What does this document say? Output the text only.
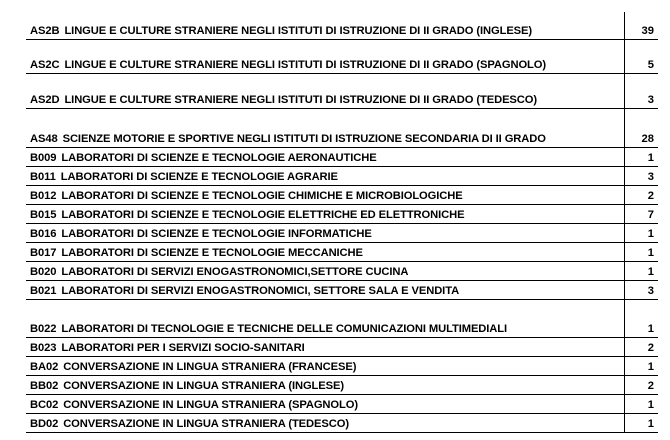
AS2B LINGUE E CULTURE STRANIERE NEGLI ISTITUTI DI ISTRUZIONE DI II GRADO (INGLESE)	39
AS2C LINGUE E CULTURE STRANIERE NEGLI ISTITUTI DI ISTRUZIONE DI II GRADO (SPAGNOLO)	5
AS2D LINGUE E CULTURE STRANIERE NEGLI ISTITUTI DI ISTRUZIONE DI II GRADO (TEDESCO)	3
AS48 SCIENZE MOTORIE E SPORTIVE NEGLI ISTITUTI DI ISTRUZIONE SECONDARIA DI II GRADO	28
B009 LABORATORI DI SCIENZE E TECNOLOGIE AERONAUTICHE	1
B011 LABORATORI DI SCIENZE E TECNOLOGIE AGRARIE	3
B012 LABORATORI DI SCIENZE E TECNOLOGIE CHIMICHE E MICROBIOLOGICHE	2
B015 LABORATORI DI SCIENZE E TECNOLOGIE ELETTRICHE ED ELETTRONICHE	7
B016 LABORATORI DI SCIENZE E TECNOLOGIE INFORMATICHE	1
B017 LABORATORI DI SCIENZE E TECNOLOGIE MECCANICHE	1
B020 LABORATORI DI SERVIZI ENOGASTRONOMICI,SETTORE CUCINA	1
B021 LABORATORI DI SERVIZI ENOGASTRONOMICI, SETTORE SALA E VENDITA	3
B022 LABORATORI DI TECNOLOGIE E TECNICHE DELLE COMUNICAZIONI MULTIMEDIALI	1
B023 LABORATORI PER I SERVIZI SOCIO-SANITARI	2
BA02 CONVERSAZIONE IN LINGUA STRANIERA (FRANCESE)	1
BB02 CONVERSAZIONE IN LINGUA STRANIERA (INGLESE)	2
BC02 CONVERSAZIONE IN LINGUA STRANIERA (SPAGNOLO)	1
BD02 CONVERSAZIONE IN LINGUA STRANIERA (TEDESCO)	1
